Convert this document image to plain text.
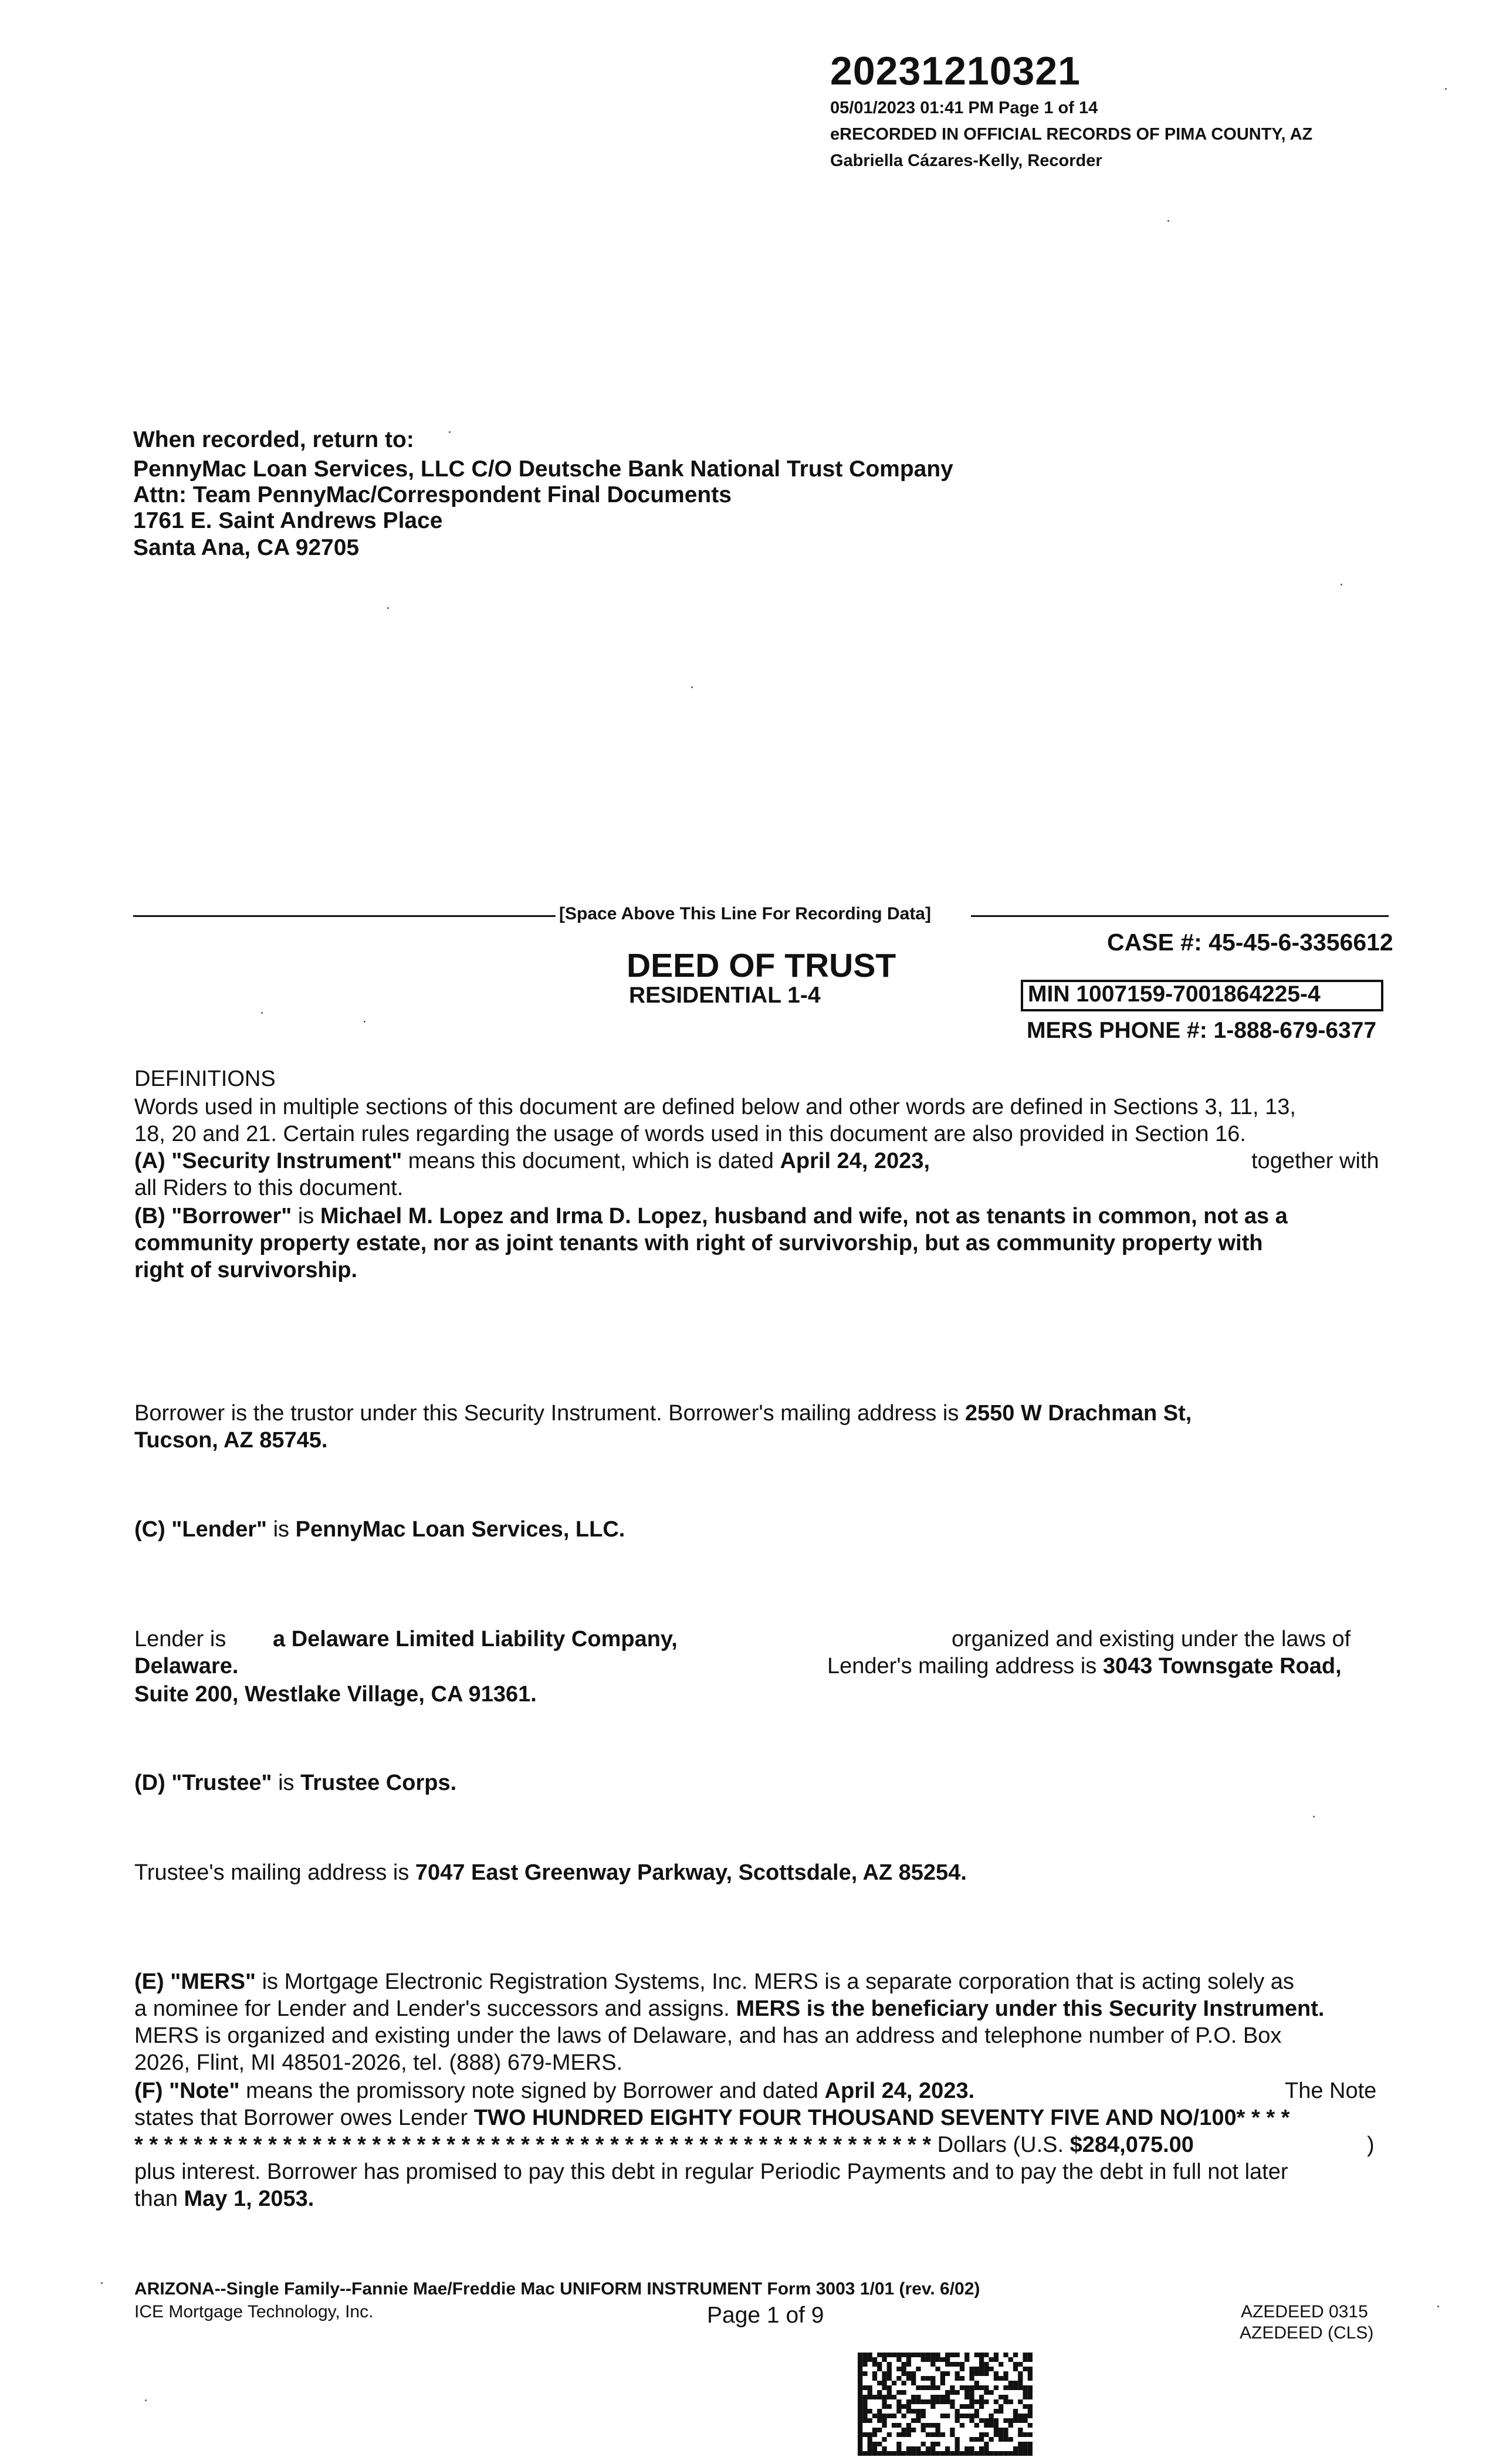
20231210321
05/01/2023 01:41 PM Page 1 of 14
eRECORDED IN OFFICIAL RECORDS OF PIMA COUNTY, AZ
Gabriella Cázares-Kelly, Recorder
When recorded, return to:
PennyMac Loan Services, LLC C/O Deutsche Bank National Trust Company
Attn: Team PennyMac/Correspondent Final Documents
1761 E. Saint Andrews Place
Santa Ana, CA 92705
[Space Above This Line For Recording Data]
CASE #: 45-45-6-3356612
DEED OF TRUST
RESIDENTIAL 1-4	MIN 1007159-7001864225-4
MERS PHONE #: 1-888-679-6377
DEFINITIONS
Words used in multiple sections of this document are defined below and other words are defined in Sections 3, 11, 13,
18, 20 and 21. Certain rules regarding the usage of words used in this document are also provided in Section 16.
(A) "Security Instrument" means this document, which is dated April 24, 2023,	together with
all Riders to this document.
(B) "Borrower" is Michael M. Lopez and Irma D. Lopez, husband and wife, not as tenants in common, not as a
community property estate, nor as joint tenants with right of survivorship, but as community property with
right of survivorship.
Borrower is the trustor under this Security Instrument. Borrower's mailing address is 2550 W Drachman St,
Tucson, AZ 85745.
(C) "Lender" is PennyMac Loan Services, LLC.
Lender is a Delaware Limited Liability Company,	organized and existing under the laws of
Delaware.	Lender's mailing address is 3043 Townsgate Road,
Suite 200, Westlake Village, CA 91361.
(D) "Trustee" is Trustee Corps.
Trustee's mailing address is 7047 East Greenway Parkway, Scottsdale, AZ 85254.
(E) "MERS" is Mortgage Electronic Registration Systems, Inc. MERS is a separate corporation that is acting solely as
a nominee for Lender and Lender's successors and assigns. MERS is the beneficiary under this Security Instrument.
MERS is organized and existing under the laws of Delaware, and has an address and telephone number of P.O. Box
2026, Flint, MI 48501-2026, tel. (888) 679-MERS.
(F) "Note" means the promissory note signed by Borrower and dated April 24, 2023.	The Note
states that Borrower owes Lender TWO HUNDRED EIGHTY FOUR THOUSAND SEVENTY FIVE AND NO/100* * * *
* * * * * * * * * * * * * * * * * * * * * * * * * * * * * * * * * * * * * * * * * * * * * * * * * * * * * * Dollars (U.S. $284,075.00	)
plus interest. Borrower has promised to pay this debt in regular Periodic Payments and to pay the debt in full not later
than May 1, 2053.
ARIZONA--Single Family--Fannie Mae/Freddie Mac UNIFORM INSTRUMENT Form 3003 1/01 (rev. 6/02)
ICE Mortgage Technology, Inc.	Page 1 of 9	AZEDEED 0315
AZEDEED (CLS)
